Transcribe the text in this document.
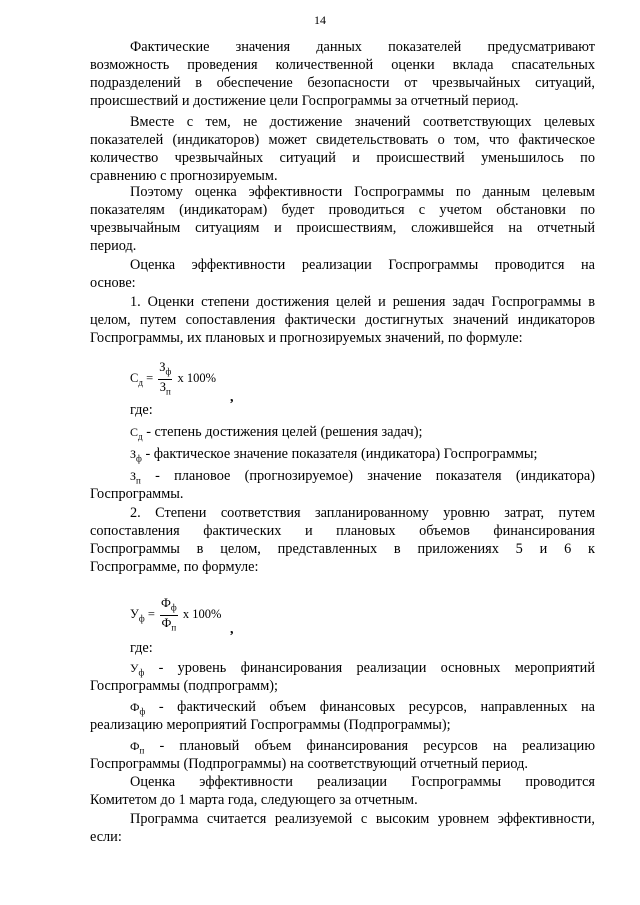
14
Фактические значения данных показателей предусматривают
возможность проведения количественной оценки вклада спасательных
подразделений в обеспечение безопасности от чрезвычайных ситуаций,
происшествий и достижение цели Госпрограммы за отчетный период.
Вместе с тем, не достижение значений соответствующих целевых
показателей (индикаторов) может свидетельствовать о том, что фактическое
количество чрезвычайных ситуаций и происшествий уменьшилось по
сравнению с прогнозируемым.
Поэтому оценка эффективности Госпрограммы по данным целевым
показателям (индикаторам) будет проводиться с учетом обстановки по
чрезвычайным ситуациям и происшествиям, сложившейся на отчетный
период.
Оценка эффективности реализации Госпрограммы проводится на
основе:
1. Оценки степени достижения целей и решения задач Госпрограммы в
целом, путем сопоставления фактически достигнутых значений индикаторов
Госпрограммы, их плановых и прогнозируемых значений, по формуле:
$С_д = \frac{З_ф}{З_п}$ х 100%
,
где:
$С_д$ - степень достижения целей (решения задач);
$З_ф$ - фактическое значение показателя (индикатора) Госпрограммы;
$З_п$ - плановое (прогнозируемое) значение показателя (индикатора)
Госпрограммы.
2. Степени соответствия запланированному уровню затрат, путем
сопоставления фактических и плановых объемов финансирования
Госпрограммы в целом, представленных в приложениях 5 и 6 к
Госпрограмме, по формуле:
$У_ф = \frac{Ф_ф}{Ф_п}$ х 100%
,
где:
$У_ф$ - уровень финансирования реализации основных мероприятий
Госпрограммы (подпрограмм);
$Ф_ф$ - фактический объем финансовых ресурсов, направленных на
реализацию мероприятий Госпрограммы (Подпрограммы);
$Ф_п$ - плановый объем финансирования ресурсов на реализацию
Госпрограммы (Подпрограммы) на соответствующий отчетный период.
Оценка эффективности реализации Госпрограммы проводится
Комитетом до 1 марта года, следующего за отчетным.
Программа считается реализуемой с высоким уровнем эффективности,
если:
